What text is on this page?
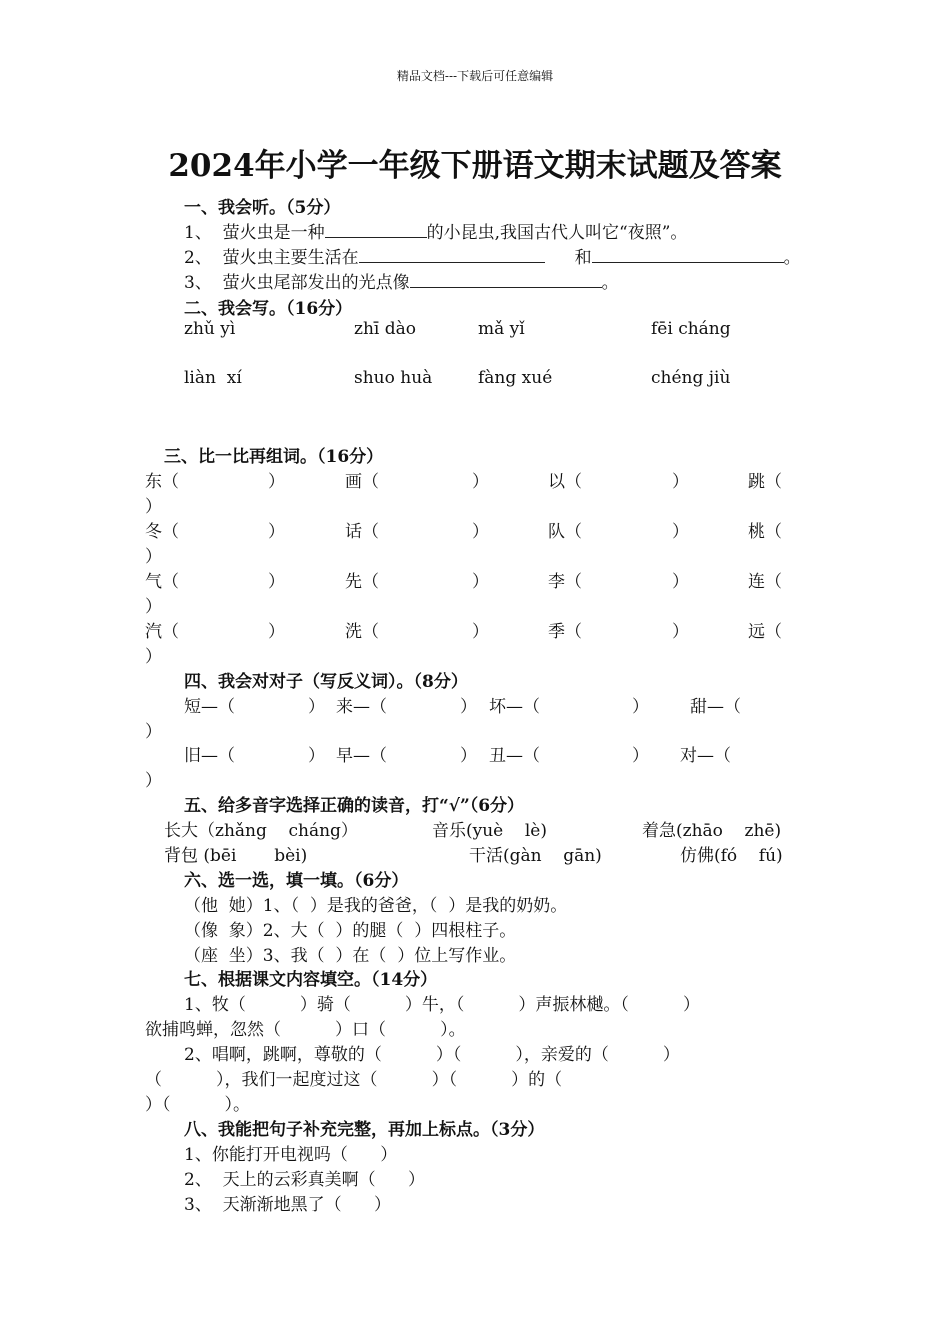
精品文档---下载后可任意编辑
2024年小学一年级下册语文期末试题及答案
一、我会听。（5分）
1、  萤火虫是一种	的小昆虫,我国古代人叫它“夜照”。
2、  萤火虫主要生活在	和	。
3、  萤火虫尾部发出的光点像	。
二、我会写。（16分）
zhǔ yì	zhī dào	mǎ yǐ	fēi cháng
liàn  xí	shuo huà	fàng xué	chéng jiù
三、比一比再组词。（16分）
东（	）	画（	）	以（	）	跳（
）
冬（	）	话（	）	队（	）	桃（
）
气（	）	先（	）	李（	）	连（
）
汽（	）	洗（	）	季（	）	远（
）
四、我会对对子（写反义词）。（8分）
短—（	） 来—（	） 坏—（	） 甜—（
）
旧—（	） 早—（	） 丑—（	） 对—（
）
五、给多音字选择正确的读音，打“√”（6分）
长大（zhǎng    cháng）	音乐(yuè    lè)	着急(zhāo    zhē)
背包 (bēi       bèi)	干活(gàn    gān)	仿佛(fó    fú)
六、选一选，填一填。（6分）
（他  她）1、（  ）是我的爸爸，（  ）是我的奶奶。
（像  象）2、大（  ）的腿（  ）四根柱子。
（座  坐）3、我（  ）在（  ）位上写作业。
七、根据课文内容填空。（14分）
1、牧（          ）骑（          ）牛，（          ）声振林樾。（          ）
欲捕鸣蝉，忽然（          ）口（          ）。
2、唱啊，跳啊，尊敬的（          ）（          ），亲爱的（          ）
（          ），我们一起度过这（          ）（          ）的（
）（          ）。
八、我能把句子补充完整，再加上标点。（3分）
1、你能打开电视吗（      ）
2、  天上的云彩真美啊（      ）
3、  天渐渐地黑了（      ）
